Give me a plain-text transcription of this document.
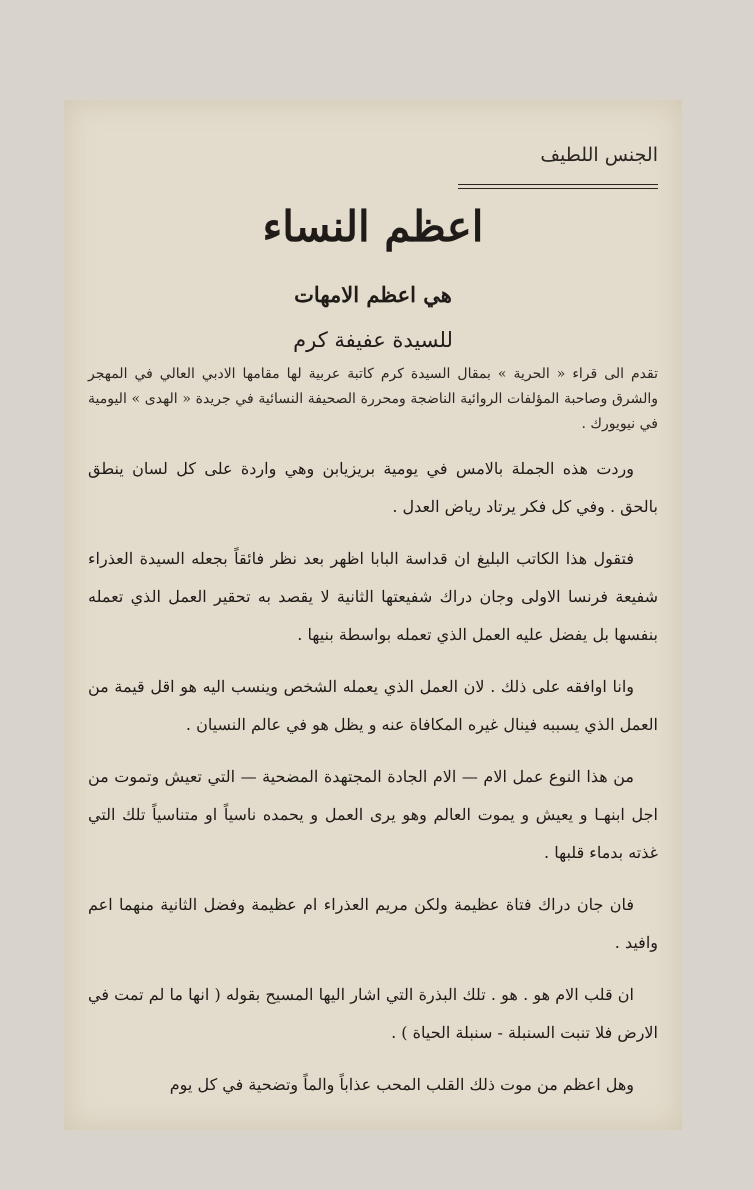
الجنس اللطيف
اعظم النساء
هي اعظم الامهات
للسيدة عفيفة كرم
تقدم الى قراء « الحرية » بمقال السيدة كرم كاتبة عربية لها مقامها الادبي العالي في المهجر والشرق وصاحبة المؤلفات الروائية الناضجة ومحررة الصحيفة النسائية في جريدة « الهدى » اليومية في نيويورك .

وردت هذه الجملة بالامس في يومية بريزيابن وهي واردة على كل لسان ينطق بالحق . وفي كل فكر يرتاد رياض العدل .

فتقول هذا الكاتب البليغ ان قداسة البابا اظهر بعد نظر فائقاً بجعله السيدة العذراء شفيعة فرنسا الاولى وجان دراك شفيعتها الثانية لا يقصد به تحقير العمل الذي تعمله بنفسها بل يفضل عليه العمل الذي تعمله بواسطة بنيها .

وانا اوافقه على ذلك . لان العمل الذي يعمله الشخص وينسب اليه هو اقل قيمة من العمل الذي يسببه فينال غيره المكافاة عنه و يظل هو في عالم النسيان .

من هذا النوع عمل الام — الام الجادة المجتهدة المضحية — التي تعيش وتموت من اجل ابنهـا و يعيش و يموت العالم وهو يرى العمل و يحمده ناسياً او متناسياً تلك التي غذته بدماء قلبها .

فان جان دراك فتاة عظيمة ولكن مريم العذراء ام عظيمة وفضل الثانية منهما اعم وافيد .

ان قلب الام هو . هو . تلك البذرة التي اشار اليها المسيح بقوله ( انها ما لم تمت في الارض فلا تنبت السنبلة - سنبلة الحياة ) .

وهل اعظم من موت ذلك القلب المحب عذاباً والماً وتضحية في كل يوم
